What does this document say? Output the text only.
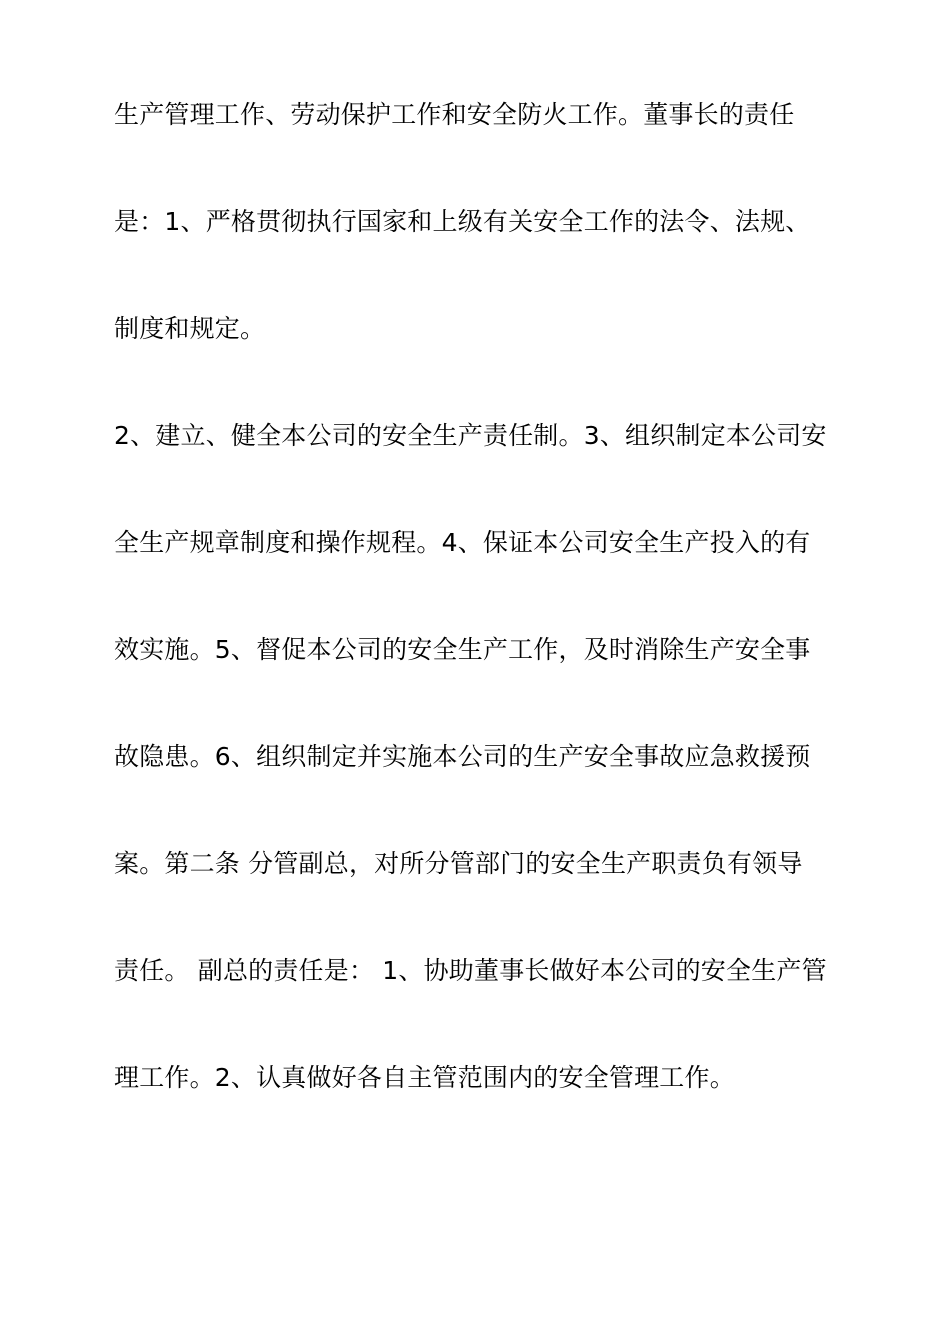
生产管理工作、劳动保护工作和安全防火工作。董事长的责任
是：1、严格贯彻执行国家和上级有关安全工作的法令、法规、
制度和规定。
2、建立、健全本公司的安全生产责任制。3、组织制定本公司安
全生产规章制度和操作规程。4、保证本公司安全生产投入的有
效实施。5、督促本公司的安全生产工作，及时消除生产安全事
故隐患。6、组织制定并实施本公司的生产安全事故应急救援预
案。第二条 分管副总，对所分管部门的安全生产职责负有领导
责任。 副总的责任是： 1、协助董事长做好本公司的安全生产管
理工作。2、认真做好各自主管范围内的安全管理工作。
